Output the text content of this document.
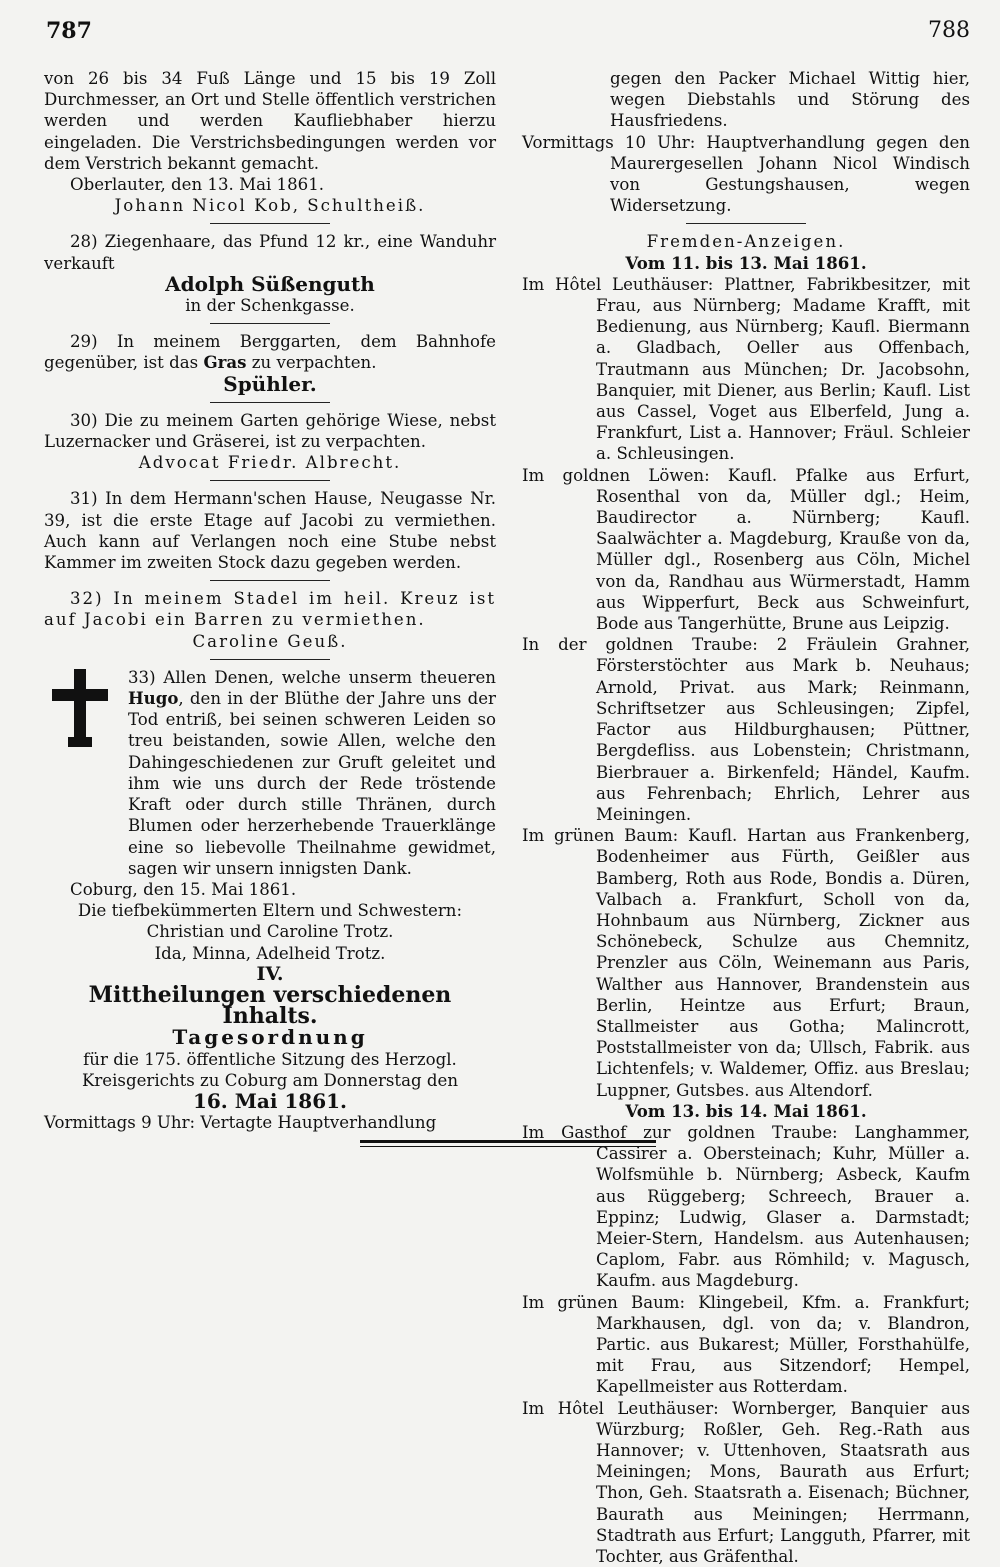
787	788

von 26 bis 34 Fuß Länge und 15 bis 19 Zoll Durchmesser, an Ort und Stelle öffentlich verstrichen werden und werden Kaufliebhaber hierzu eingeladen. Die Verstrichsbedingungen werden vor dem Verstrich bekannt gemacht.

Oberlauter, den 13. Mai 1861.

Johann Nicol Kob, Schultheiß.

28) Ziegenhaare, das Pfund 12 kr., eine Wanduhr verkauft

Adolph Süßenguth

in der Schenkgasse.

29) In meinem Berggarten, dem Bahnhofe gegenüber, ist das Gras zu verpachten.

Spühler.

30) Die zu meinem Garten gehörige Wiese, nebst Luzernacker und Gräserei, ist zu verpachten.

Advocat Friedr. Albrecht.

31) In dem Hermann'schen Hause, Neugasse Nr. 39, ist die erste Etage auf Jacobi zu vermiethen. Auch kann auf Verlangen noch eine Stube nebst Kammer im zweiten Stock dazu gegeben werden.

32) In meinem Stadel im heil. Kreuz ist auf Jacobi ein Barren zu vermiethen.

Caroline Geuß.

33) Allen Denen, welche unserm theueren Hugo, den in der Blüthe der Jahre uns der Tod entriß, bei seinen schweren Leiden so treu beistanden, sowie Allen, welche den Dahingeschiedenen zur Gruft geleitet und ihm wie uns durch der Rede tröstende Kraft oder durch stille Thränen, durch Blumen oder herzerhebende Trauerklänge eine so liebevolle Theilnahme gewidmet, sagen wir unsern innigsten Dank.

Coburg, den 15. Mai 1861.

Die tiefbekümmerten Eltern und Schwestern:

Christian und Caroline Trotz.

Ida, Minna, Adelheid Trotz.

IV.

Mittheilungen verschiedenen Inhalts.

Tagesordnung

für die 175. öffentliche Sitzung des Herzogl. Kreisgerichts zu Coburg am Donnerstag den

16. Mai 1861.

Vormittags 9 Uhr: Vertagte Hauptverhandlung

gegen den Packer Michael Wittig hier, wegen Diebstahls und Störung des Hausfriedens.

Vormittags 10 Uhr: Hauptverhandlung gegen den Maurergesellen Johann Nicol Windisch von Gestungshausen, wegen Widersetzung.

Fremden-Anzeigen.

Vom 11. bis 13. Mai 1861.

Im Hôtel Leuthäuser: Plattner, Fabrikbesitzer, mit Frau, aus Nürnberg; Madame Krafft, mit Bedienung, aus Nürnberg; Kaufl. Biermann a. Gladbach, Oeller aus Offenbach, Trautmann aus München; Dr. Jacobsohn, Banquier, mit Diener, aus Berlin; Kaufl. List aus Cassel, Voget aus Elberfeld, Jung a. Frankfurt, List a. Hannover; Fräul. Schleier a. Schleusingen.

Im goldnen Löwen: Kaufl. Pfalke aus Erfurt, Rosenthal von da, Müller dgl.; Heim, Baudirector a. Nürnberg; Kaufl. Saalwächter a. Magdeburg, Krauße von da, Müller dgl., Rosenberg aus Cöln, Michel von da, Randhau aus Würmerstadt, Hamm aus Wipperfurt, Beck aus Schweinfurt, Bode aus Tangerhütte, Brune aus Leipzig.

In der goldnen Traube: 2 Fräulein Grahner, Försterstöchter aus Mark b. Neuhaus; Arnold, Privat. aus Mark; Reinmann, Schriftsetzer aus Schleusingen; Zipfel, Factor aus Hildburghausen; Püttner, Bergdefliss. aus Lobenstein; Christmann, Bierbrauer a. Birkenfeld; Händel, Kaufm. aus Fehrenbach; Ehrlich, Lehrer aus Meiningen.

Im grünen Baum: Kaufl. Hartan aus Frankenberg, Bodenheimer aus Fürth, Geißler aus Bamberg, Roth aus Rode, Bondis a. Düren, Valbach a. Frankfurt, Scholl von da, Hohnbaum aus Nürnberg, Zickner aus Schönebeck, Schulze aus Chemnitz, Prenzler aus Cöln, Weinemann aus Paris, Walther aus Hannover, Brandenstein aus Berlin, Heintze aus Erfurt; Braun, Stallmeister aus Gotha; Malincrott, Poststallmeister von da; Ullsch, Fabrik. aus Lichtenfels; v. Waldemer, Offiz. aus Breslau; Luppner, Gutsbes. aus Altendorf.

Vom 13. bis 14. Mai 1861.

Im Gasthof zur goldnen Traube: Langhammer, Cassirer a. Obersteinach; Kuhr, Müller a. Wolfsmühle b. Nürnberg; Asbeck, Kaufm aus Rüggeberg; Schreech, Brauer a. Eppinz; Ludwig, Glaser a. Darmstadt; Meier-Stern, Handelsm. aus Autenhausen; Caplom, Fabr. aus Römhild; v. Magusch, Kaufm. aus Magdeburg.

Im grünen Baum: Klingebeil, Kfm. a. Frankfurt; Markhausen, dgl. von da; v. Blandron, Partic. aus Bukarest; Müller, Forsthahülfe, mit Frau, aus Sitzendorf; Hempel, Kapellmeister aus Rotterdam.

Im Hôtel Leuthäuser: Wornberger, Banquier aus Würzburg; Roßler, Geh. Reg.-Rath aus Hannover; v. Uttenhoven, Staatsrath aus Meiningen; Mons, Baurath aus Erfurt; Thon, Geh. Staatsrath a. Eisenach; Büchner, Baurath aus Meiningen; Herrmann, Stadtrath aus Erfurt; Langguth, Pfarrer, mit Tochter, aus Gräfenthal.
